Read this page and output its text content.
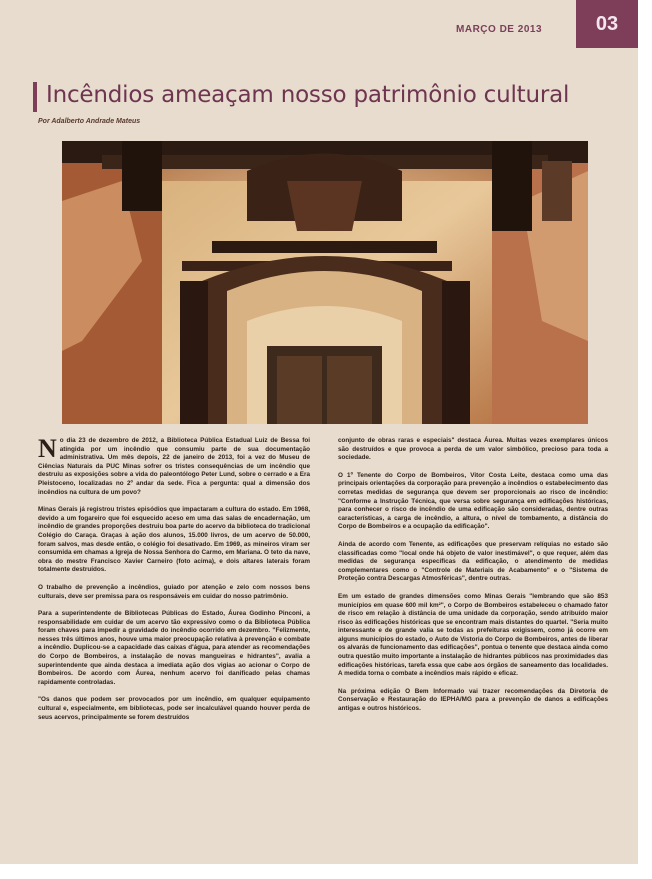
MARÇO DE 2013	03
Incêndios ameaçam nosso patrimônio cultural
Por Adalberto Andrade Mateus

No dia 23 de dezembro de 2012, a Biblioteca Pública Estadual Luiz de Bessa foi atingida por um incêndio que consumiu parte de sua documentação administrativa. Um mês depois, 22 de janeiro de 2013, foi a vez do Museu de Ciências Naturais da PUC Minas sofrer os tristes consequências de um incêndio que destruiu as exposições sobre a vida do paleontólogo Peter Lund, sobre o cerrado e a Era Pleistoceno, localizadas no 2º andar da sede. Fica a pergunta: qual a dimensão dos incêndios na cultura de um povo?

Minas Gerais já registrou tristes episódios que impactaram a cultura do estado. Em 1968, devido a um fogareiro que foi esquecido aceso em uma das salas de encadernação, um incêndio de grandes proporções destruiu boa parte do acervo da biblioteca do tradicional Colégio do Caraça. Graças à ação dos alunos, 15.000 livros, de um acervo de 50.000, foram salvos, mas desde então, o colégio foi desativado. Em 1969, as mineiros viram ser consumida em chamas a Igreja de Nossa Senhora do Carmo, em Mariana. O teto da nave, obra do mestre Francisco Xavier Carneiro (foto acima), e dois altares laterais foram totalmente destruídos.

O trabalho de prevenção a incêndios, guiado por atenção e zelo com nossos bens culturais, deve ser premissa para os responsáveis em cuidar do nosso patrimônio.

Para a superintendente de Bibliotecas Públicas do Estado, Áurea Godinho Pinconi, a responsabilidade em cuidar de um acervo tão expressivo como o da Biblioteca Pública foram chaves para impedir a gravidade do incêndio ocorrido em dezembro. "Felizmente, nesses três últimos anos, houve uma maior preocupação relativa à prevenção e combate a incêndio. Duplicou-se a capacidade das caixas d'água, para atender as recomendações do Corpo de Bombeiros, a instalação de novas mangueiras e hidrantes", avalia a superintendente que ainda destaca a imediata ação dos vigias ao acionar o Corpo de Bombeiros. De acordo com Áurea, nenhum acervo foi danificado pelas chamas rapidamente controladas.

"Os danos que podem ser provocados por um incêndio, em qualquer equipamento cultural e, especialmente, em bibliotecas, pode ser incalculável quando houver perda de seus acervos, principalmente se forem destruídos

conjunto de obras raras e especiais" destaca Áurea. Muitas vezes exemplares únicos são destruídos e que provoca a perda de um valor simbólico, precioso para toda a sociedade.

O 1º Tenente do Corpo de Bombeiros, Vitor Costa Leite, destaca como uma das principais orientações da corporação para prevenção a incêndios o estabelecimento das corretas medidas de segurança que devem ser proporcionais ao risco de incêndio: "Conforme a Instrução Técnica, que versa sobre segurança em edificações históricas, para conhecer o risco de incêndio de uma edificação são consideradas, dentre outras características, a carga de incêndio, a altura, o nível de tombamento, a distância do Corpo de Bombeiros e a ocupação da edificação".

Ainda de acordo com Tenente, as edificações que preservam relíquias no estado são classificadas como "local onde há objeto de valor inestimável", o que requer, além das medidas de segurança específicas da edificação, o atendimento de medidas complementares como o "Controle de Materiais de Acabamento" e o "Sistema de Proteção contra Descargas Atmosféricas", dentre outras.

Em um estado de grandes dimensões como Minas Gerais "lembrando que são 853 municípios em quase 600 mil km²", o Corpo de Bombeiros estabeleceu o chamado fator de risco em relação à distância de uma unidade da corporação, sendo atribuído maior risco às edificações históricas que se encontram mais distantes do quartel. "Seria muito interessante e de grande valia se todas as prefeituras exigissem, como já ocorre em alguns municípios do estado, o Auto de Vistoria do Corpo de Bombeiros, antes de liberar os alvarás de funcionamento das edificações", pontua o tenente que destaca ainda como outra questão muito importante a instalação de hidrantes públicos nas proximidades das edificações históricas, tarefa essa que cabe aos órgãos de saneamento das localidades. A medida torna o combate a incêndios mais rápido e eficaz.

Na próxima edição O Bem Informado vai trazer recomendações da Diretoria de Conservação e Restauração do IEPHA/MG para a prevenção de danos a edificações antigas e outros históricos.
